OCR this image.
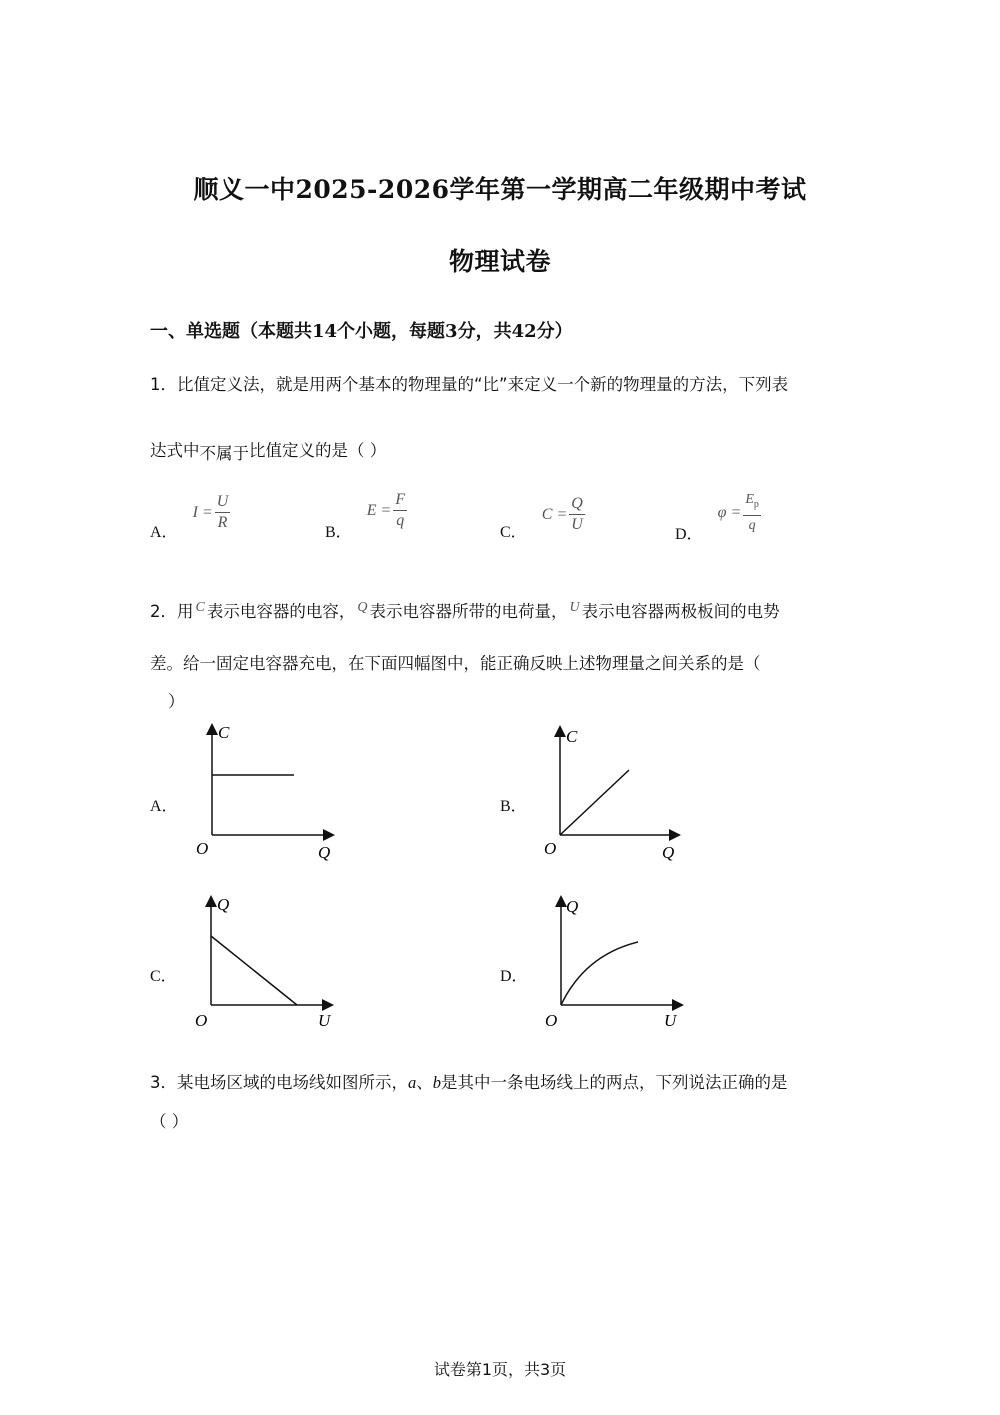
顺义一中2025-2026学年第一学期高二年级期中考试
物理试卷
一、单选题（本题共14个小题，每题3分，共42分）
1．比值定义法，就是用两个基本的物理量的“比”来定义一个新的物理量的方法，下列表
达式中不属于比值定义的是（ ）
A． $I = \frac{U}{R}$	B． $E = \frac{F}{q}$
C． $C = \frac{Q}{U}$	D． $\varphi = \frac{E_p}{q}$
2．用 $^C$ 表示电容器的电容， $^Q$ 表示电容器所带的电荷量， $^U$ 表示电容器两极板间的电势
差。给一固定电容器充电，在下面四幅图中，能正确反映上述物理量之间关系的是（
）
A．	B．
C．	D．
C
Q
O
C
Q
O
Q
U
O
Q
U
O
3．某电场区域的电场线如图所示，a、b是其中一条电场线上的两点，下列说法正确的是
（ ）
试卷第1页，共3页
